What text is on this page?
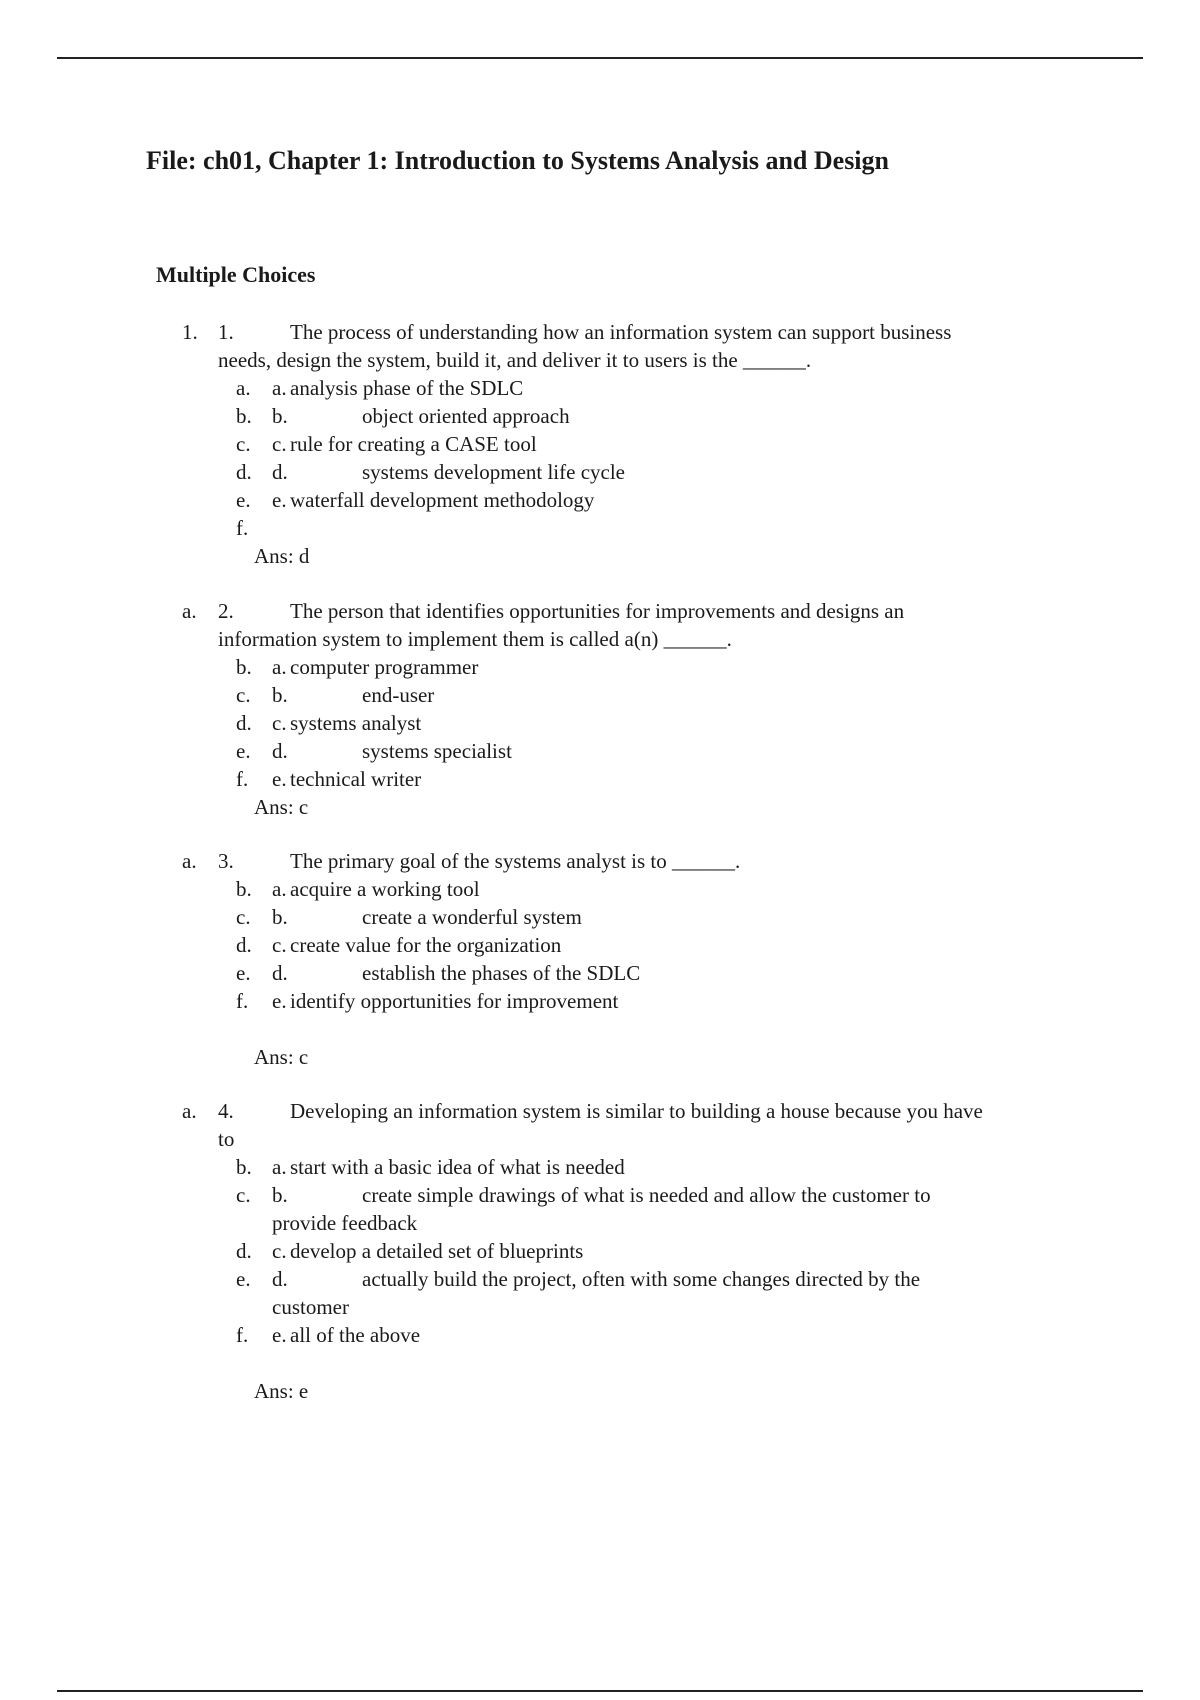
File: ch01, Chapter 1: Introduction to Systems Analysis and Design
Multiple Choices
1. 1.	The process of understanding how an information system can support business
needs, design the system, build it, and deliver it to users is the ______.
a. a. analysis phase of the SDLC
b. b.	object oriented approach
c. c. rule for creating a CASE tool
d. d.	systems development life cycle
e. e. waterfall development methodology
f.
Ans: d
a. 2.	The person that identifies opportunities for improvements and designs an
information system to implement them is called a(n) ______.
b. a. computer programmer
c. b.	end-user
d. c. systems analyst
e. d.	systems specialist
f. e. technical writer
Ans: c
a. 3.	The primary goal of the systems analyst is to ______.
b. a. acquire a working tool
c. b.	create a wonderful system
d. c. create value for the organization
e. d.	establish the phases of the SDLC
f. e. identify opportunities for improvement
Ans: c
a. 4.	Developing an information system is similar to building a house because you have
to
b. a. start with a basic idea of what is needed
c. b.	create simple drawings of what is needed and allow the customer to
provide feedback
d. c. develop a detailed set of blueprints
e. d.	actually build the project, often with some changes directed by the
customer
f. e. all of the above
Ans: e
